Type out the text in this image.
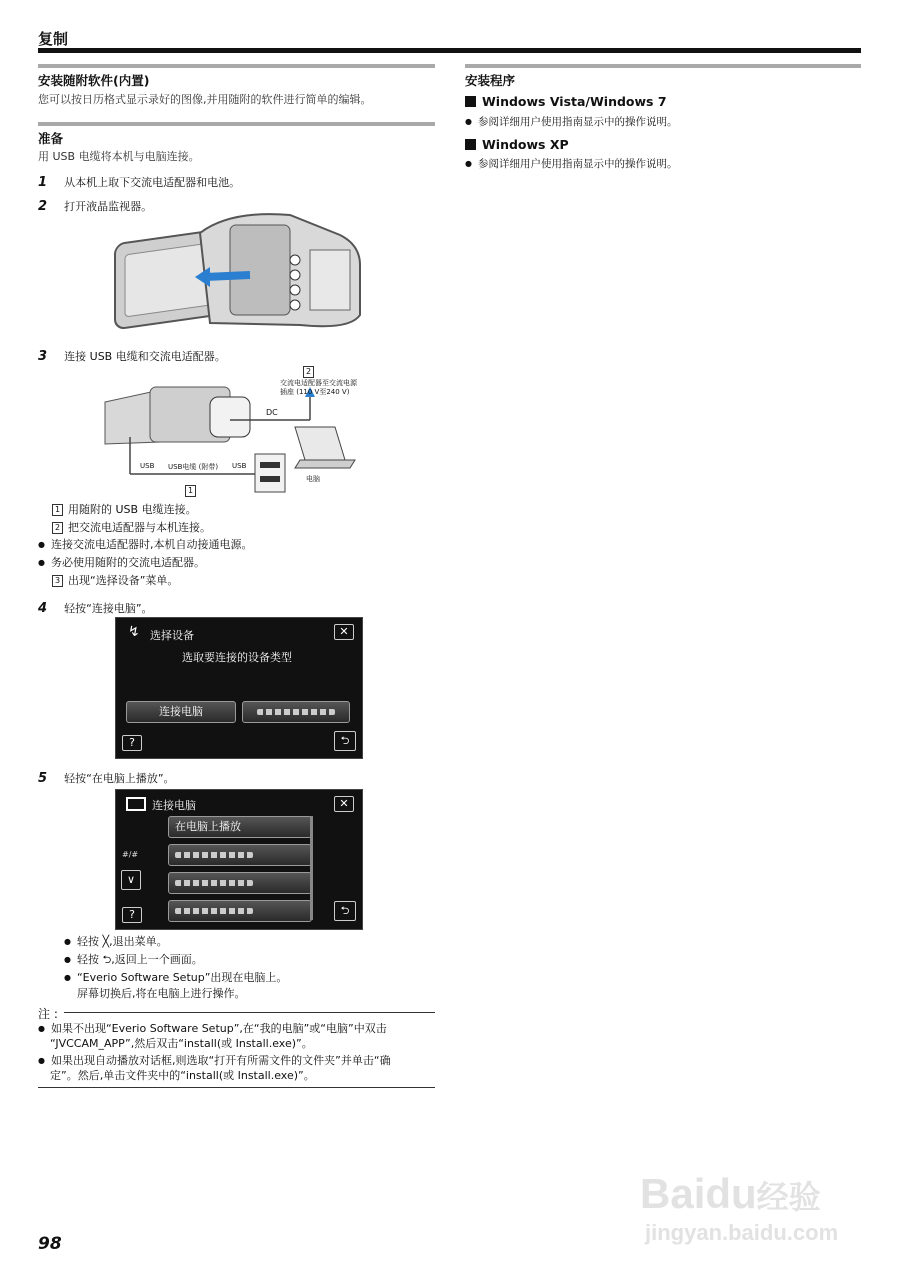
复制
安装随附软件(内置)
您可以按日历格式显示录好的图像,并用随附的软件进行简单的编辑。
准备
用 USB 电缆将本机与电脑连接。
1 从本机上取下交流电适配器和电池。
2 打开液晶监视器。
3 连接 USB 电缆和交流电适配器。
2
交流电适配器至交流电源
插座 (110 V至240 V)
DC
USB USB电缆 (附带) USB
电脑
1
1 用随附的 USB 电缆连接。
2 把交流电适配器与本机连接。
● 连接交流电适配器时,本机自动接通电源。
● 务必使用随附的交流电适配器。
3 出现“选择设备”菜单。
4 轻按“连接电脑”。
↯ 选择设备	✕
选取要连接的设备类型
连接电脑
?	⮌
5 轻按“在电脑上播放”。
连接电脑	✕
在电脑上播放
#/#
∨
?	⮌
● 轻按 ╳,退出菜单。
● 轻按 ⮌,返回上一个画面。
● “Everio Software Setup”出现在电脑上。
屏幕切换后,将在电脑上进行操作。
注 :
● 如果不出现“Everio Software Setup”,在“我的电脑”或“电脑”中双击
“JVCCAM_APP”,然后双击“install(或 Install.exe)”。
● 如果出现自动播放对话框,则选取“打开有所需文件的文件夹”并单击“确
定”。然后,单击文件夹中的“install(或 Install.exe)”。
安装程序
Windows Vista/Windows 7
● 参阅详细用户使用指南显示中的操作说明。
Windows XP
● 参阅详细用户使用指南显示中的操作说明。
Baidu经验
jingyan.baidu.com
98
